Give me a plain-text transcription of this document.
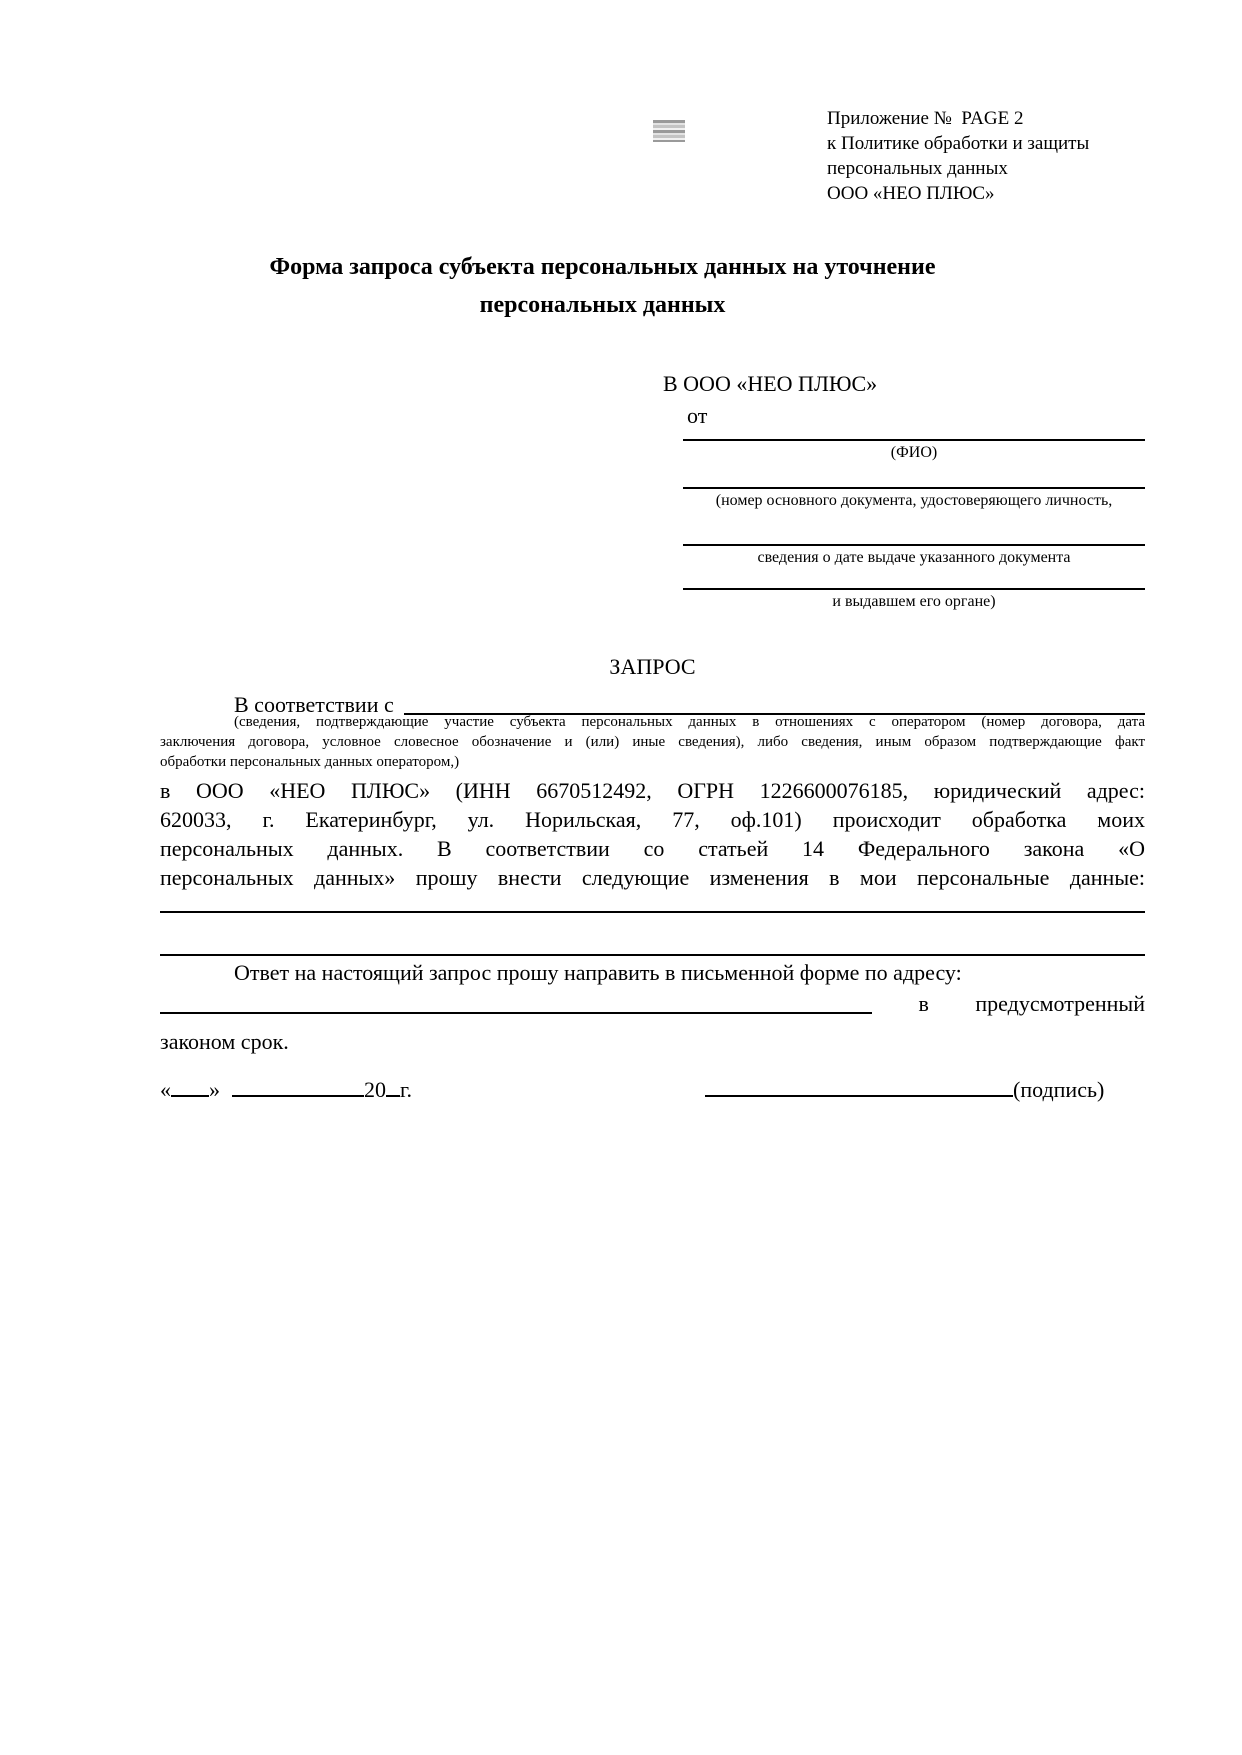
Приложение №  PAGE 2
к Политике обработки и защиты
персональных данных
ООО «НЕО ПЛЮС»
Форма запроса субъекта персональных данных на уточнение
персональных данных
В ООО «НЕО ПЛЮС»
от
(ФИО)
(номер основного документа, удостоверяющего личность,
сведения о дате выдаче указанного документа
и выдавшем его органе)
ЗАПРОС
В соответствии с
(сведения, подтверждающие участие субъекта персональных данных в отношениях с оператором (номер договора, дата
заключения договора, условное словесное обозначение и (или) иные сведения), либо сведения, иным образом подтверждающие факт
обработки персональных данных оператором,)
в ООО «НЕО ПЛЮС» (ИНН 6670512492, ОГРН 1226600076185, юридический адрес:
620033, г. Екатеринбург, ул. Норильская, 77, оф.101) происходит обработка моих
персональных данных. В соответствии со статьей 14 Федерального закона «О
персональных данных» прошу внести следующие изменения в мои персональные данные:
Ответ на настоящий запрос прошу направить в письменной форме по адресу:
в предусмотренный
законом срок.
« »	20 г.	(подпись)
